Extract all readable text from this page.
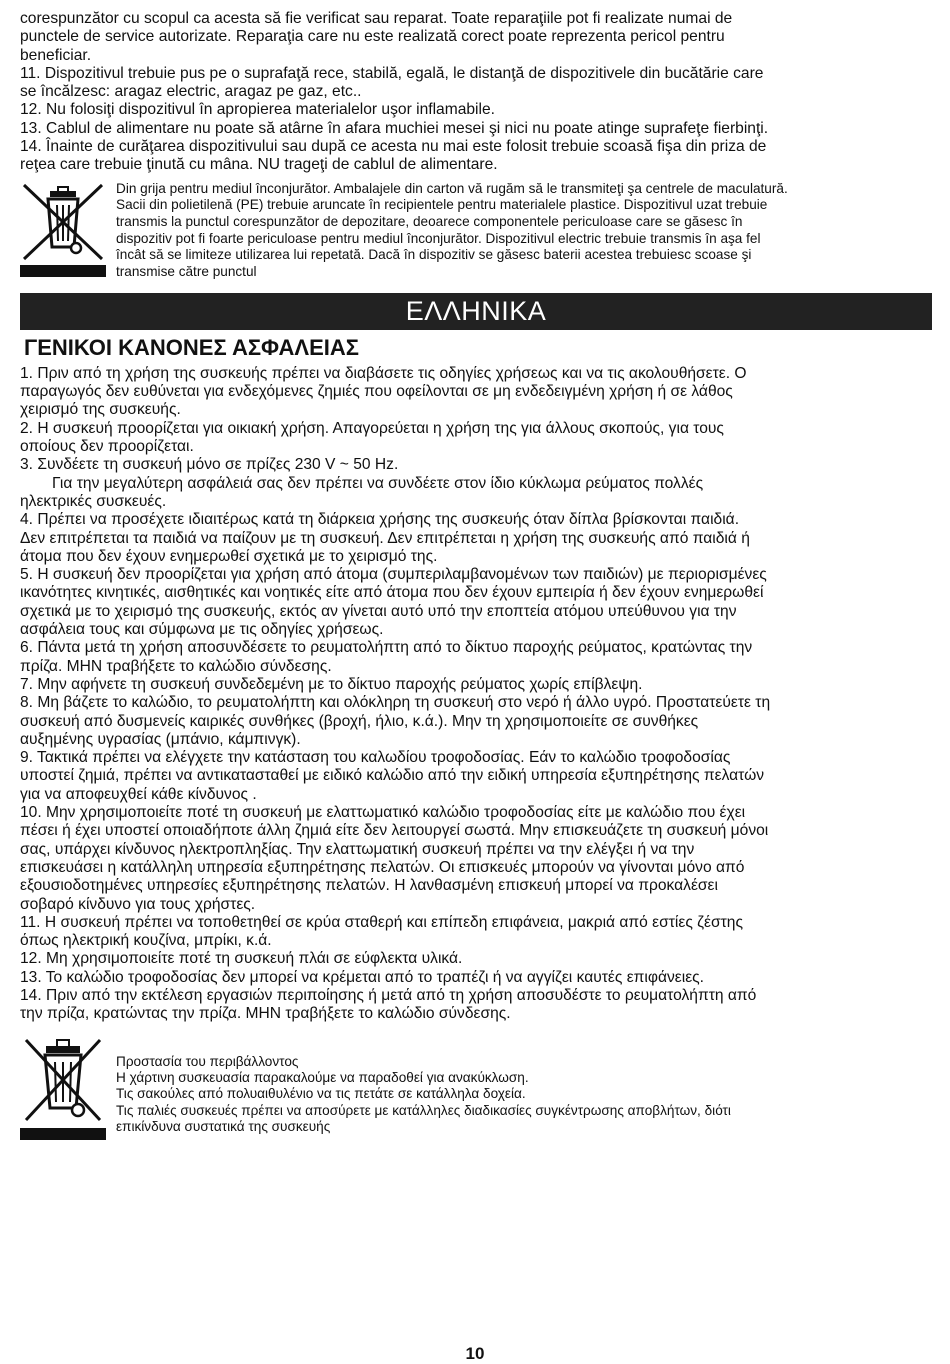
corespunzător cu scopul ca acesta să fie verificat sau reparat. Toate reparaţiile pot fi realizate numai de

punctele de service autorizate. Reparaţia care nu este realizată corect poate reprezenta pericol pentru

beneficiar.

11. Dispozitivul trebuie pus pe o suprafaţă rece, stabilă, egală, le distanţă de dispozitivele din bucătărie care

se încălzesc: aragaz electric, aragaz pe gaz, etc..

12. Nu folosiţi dispozitivul în apropierea materialelor uşor inflamabile.

13. Cablul de alimentare nu poate să atârne în afara muchiei mesei şi nici nu poate atinge suprafeţe fierbinţi.

14. Înainte de curăţarea dispozitivului sau după ce acesta nu mai este folosit trebuie scoasă fişa din priza de

reţea care trebuie ţinută cu mâna. NU trageţi de cablul de alimentare.

Din grija pentru mediul înconjurător. Ambalajele din carton vă rugăm să le transmiteţi şa centrele de maculatură.
Sacii din polietilenă (PE) trebuie aruncate în recipientele pentru materialele plastice. Dispozitivul uzat trebuie
transmis la punctul corespunzător de depozitare, deoarece componentele periculoase care se găsesc în
dispozitiv pot fi foarte periculoase pentru mediul înconjurător. Dispozitivul electric trebuie transmis în aşa fel
încât să se limiteze utilizarea lui repetată. Dacă în dispozitiv se găsesc baterii acestea trebuiesc scoase şi
transmise către punctul
ΕΛΛΗΝΙΚΑ
ΓΕΝΙΚΟΙ ΚΑΝΟΝΕΣ ΑΣΦΑΛΕΙΑΣ

1. Πριν από τη χρήση της συσκευής πρέπει να διαβάσετε τις οδηγίες χρήσεως και να τις ακολουθήσετε. Ο

παραγωγός δεν ευθύνεται για ενδεχόμενες ζημιές που οφείλονται σε μη ενδεδειγμένη χρήση ή σε λάθος

χειρισμό της συσκευής.

2. Η συσκευή προορίζεται για οικιακή χρήση. Απαγορεύεται η χρήση της για άλλους σκοπούς, για τους

οποίους δεν προορίζεται.

3. Συνδέετε τη συσκευή μόνο σε πρίζες 230 V ~ 50 Hz.

Για την μεγαλύτερη ασφάλειά σας δεν πρέπει να συνδέετε στον ίδιο κύκλωμα ρεύματος πολλές

ηλεκτρικές συσκευές.

4. Πρέπει να προσέχετε ιδιαιτέρως κατά τη διάρκεια χρήσης της συσκευής όταν δίπλα βρίσκονται παιδιά.

Δεν επιτρέπεται τα παιδιά να παίζουν με τη συσκευή. Δεν επιτρέπεται η χρήση της συσκευής από παιδιά ή

άτομα που δεν έχουν ενημερωθεί σχετικά με το χειρισμό της.

5. Η συσκευή δεν προορίζεται για χρήση από άτομα (συμπεριλαμβανομένων των παιδιών) με περιορισμένες

ικανότητες κινητικές, αισθητικές και νοητικές είτε από άτομα που δεν έχουν εμπειρία ή δεν έχουν ενημερωθεί

σχετικά με το χειρισμό της συσκευής, εκτός αν γίνεται αυτό υπό την εποπτεία ατόμου υπεύθυνου για την

ασφάλεια τους και σύμφωνα με τις οδηγίες χρήσεως.

6. Πάντα μετά τη χρήση αποσυνδέσετε το ρευματολήπτη από το δίκτυο παροχής ρεύματος, κρατώντας την

πρίζα. ΜΗΝ τραβήξετε το καλώδιο σύνδεσης.

7. Μην αφήνετε τη συσκευή συνδεδεμένη με το δίκτυο παροχής ρεύματος χωρίς επίβλεψη.

8. Μη βάζετε το καλώδιο, το ρευματολήπτη και ολόκληρη τη συσκευή στο νερό ή άλλο υγρό. Προστατεύετε τη

συσκευή από δυσμενείς καιρικές συνθήκες (βροχή, ήλιο, κ.ά.). Μην τη χρησιμοποιείτε σε συνθήκες

αυξημένης υγρασίας (μπάνιο, κάμπινγκ).

9. Τακτικά πρέπει να ελέγχετε την κατάσταση του καλωδίου τροφοδοσίας. Εάν το καλώδιο τροφοδοσίας

υποστεί ζημιά, πρέπει να αντικατασταθεί με ειδικό καλώδιο από την ειδική υπηρεσία εξυπηρέτησης πελατών

για να αποφευχθεί κάθε κίνδυνος .

10. Μην χρησιμοποιείτε ποτέ τη συσκευή με ελαττωματικό καλώδιο τροφοδοσίας είτε με καλώδιο που έχει

πέσει ή έχει υποστεί οποιαδήποτε άλλη ζημιά είτε δεν λειτουργεί σωστά. Μην επισκευάζετε τη συσκευή μόνοι

σας, υπάρχει κίνδυνος ηλεκτροπληξίας. Την ελαττωματική συσκευή πρέπει να την ελέγξει ή να την

επισκευάσει η κατάλληλη υπηρεσία εξυπηρέτησης πελατών. Οι επισκευές μπορούν να γίνονται μόνο από

εξουσιοδοτημένες υπηρεσίες εξυπηρέτησης πελατών. Η λανθασμένη επισκευή μπορεί να προκαλέσει

σοβαρό κίνδυνο για τους χρήστες.

11. Η συσκευή πρέπει να τοποθετηθεί σε κρύα σταθερή και επίπεδη επιφάνεια, μακριά από εστίες ζέστης

όπως ηλεκτρική κουζίνα, μπρίκι, κ.ά.

12. Μη χρησιμοποιείτε ποτέ τη συσκευή πλάι σε εύφλεκτα υλικά.

13. Το καλώδιο τροφοδοσίας δεν μπορεί να κρέμεται από το τραπέζι ή να αγγίζει καυτές επιφάνειες.

14. Πριν από την εκτέλεση εργασιών περιποίησης ή μετά από τη χρήση αποσυδέστε το ρευματολήπτη από

την πρίζα, κρατώντας την πρίζα. ΜΗΝ τραβήξετε το καλώδιο σύνδεσης.

Προστασία του περιβάλλοντος
Η χάρτινη συσκευασία παρακαλούμε να παραδοθεί για ανακύκλωση.
Τις σακούλες από πολυαιθυλένιο να τις πετάτε σε κατάλληλα δοχεία.
Τις παλιές συσκευές πρέπει να αποσύρετε με κατάλληλες διαδικασίες συγκέντρωσης αποβλήτων, διότι
επικίνδυνα συστατικά της συσκευής
10
